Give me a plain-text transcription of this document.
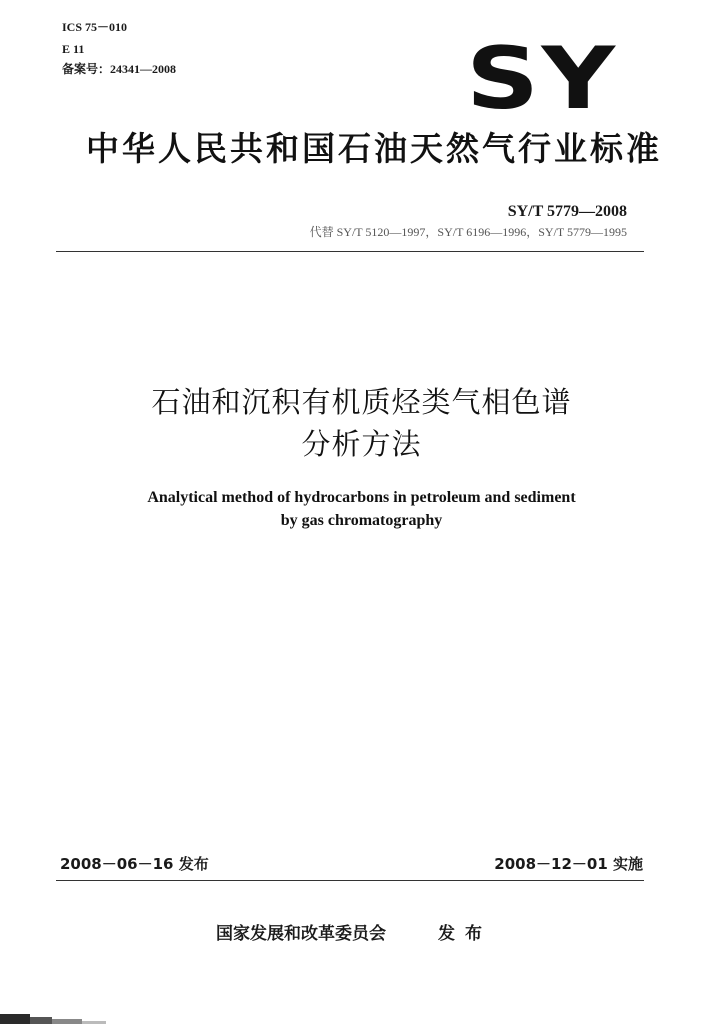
ICS 75－010
E 11
备案号：24341—2008	SY
中华人民共和国石油天然气行业标准
SY/T 5779—2008
代替 SY/T 5120—1997，SY/T 6196—1996，SY/T 5779—1995
石油和沉积有机质烃类气相色谱
分析方法
Analytical method of hydrocarbons in petroleum and sediment
by gas chromatography
2008－06－16 发布	2008－12－01 实施
国家发展和改革委员会	发布
